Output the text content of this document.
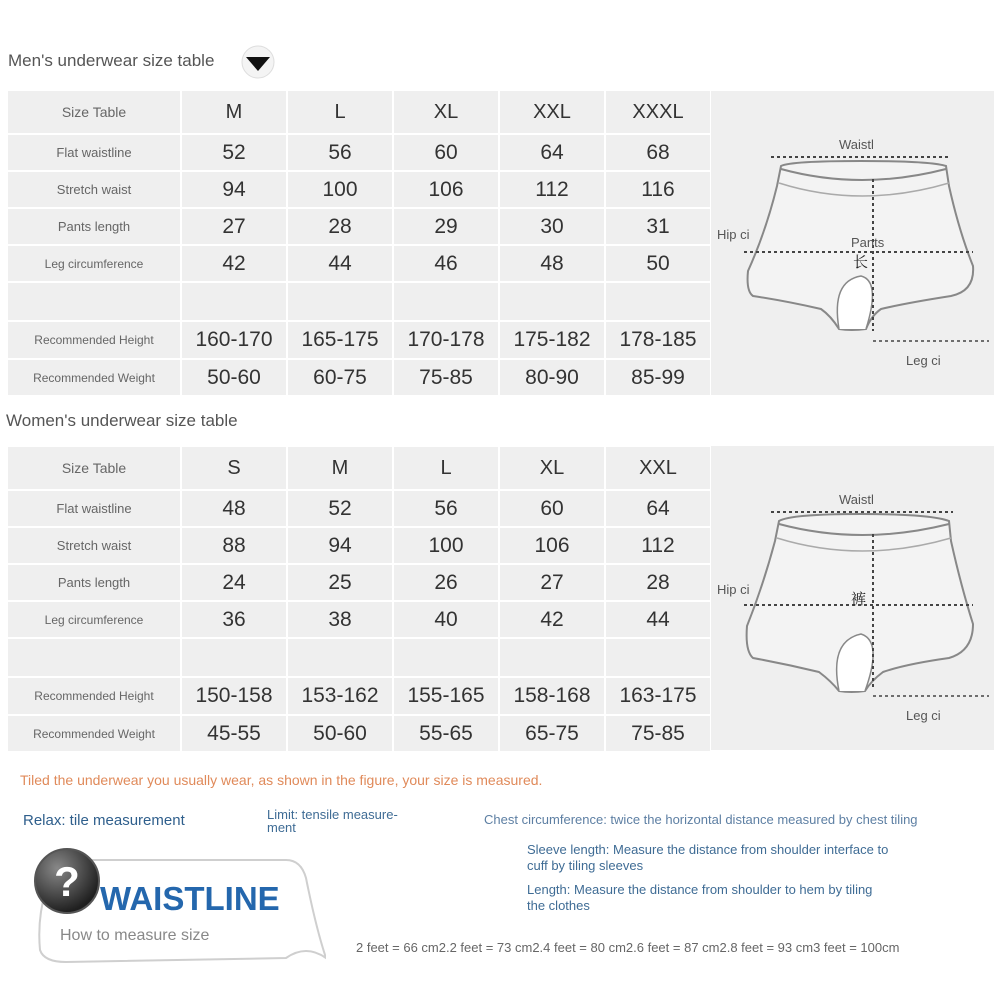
Men's underwear size table
Size Table	M	L	XL	XXL	XXXL
Flat waistline	52	56	60	64	68
Stretch waist	94	100	106	112	116
Pants length	27	28	29	30	31
Leg circumference	42	44	46	48	50

Recommended Height	160-170	165-175	170-178	175-182	178-185
Recommended Weight	50-60	60-75	75-85	80-90	85-99
Waistl
Hip ci
Pants
长
Leg ci
Women's underwear size table
Size Table	S	M	L	XL	XXL
Flat waistline	48	52	56	60	64
Stretch waist	88	94	100	106	112
Pants length	24	25	26	27	28
Leg circumference	36	38	40	42	44

Recommended Height	150-158	153-162	155-165	158-168	163-175
Recommended Weight	45-55	50-60	55-65	65-75	75-85
Waistl
Hip ci
裤
Leg ci
Tiled the underwear you usually wear, as shown in the figure, your size is measured.
Relax: tile measurement	Limit: tensile measure-
ment
Chest circumference: twice the horizontal distance measured by chest tiling
Sleeve length: Measure the distance from shoulder interface to
cuff by tiling sleeves
Length: Measure the distance from shoulder to hem by tiling
the clothes
? WAISTLINE
How to measure size
2 feet = 66 cm2.2 feet = 73 cm2.4 feet = 80 cm2.6 feet = 87 cm2.8 feet = 93 cm3 feet = 100cm
